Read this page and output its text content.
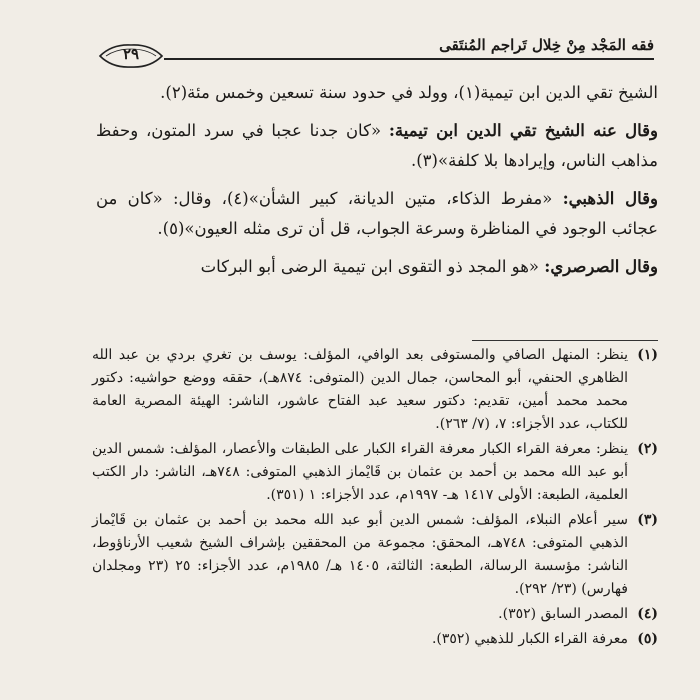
فقه المَجْد مِنْ خِلال تَراجم المُنتَقى
٢٩

الشيخ تقي الدين ابن تيمية(١)، وولد في حدود سنة تسعين وخمس مئة(٢).

وقال عنه الشيخ تقي الدين ابن تيمية: «كان جدنا عجبا في سرد المتون، وحفظ مذاهب الناس، وإيرادها بلا كلفة»(٣).

وقال الذهبي: «مفرط الذكاء، متين الديانة، كبير الشأن»(٤)، وقال: «كان من عجائب الوجود في المناظرة وسرعة الجواب، قل أن ترى مثله العيون»(٥).

وقال الصرصري: «هو المجد ذو التقوى ابن تيمية الرضى أبو البركات

(١)
ينظر: المنهل الصافي والمستوفى بعد الوافي، المؤلف: يوسف بن تغري بردي بن عبد الله الظاهري الحنفي، أبو المحاسن، جمال الدين (المتوفى: ٨٧٤هـ)، حققه ووضع حواشيه: دكتور محمد محمد أمين، تقديم: دكتور سعيد عبد الفتاح عاشور، الناشر: الهيئة المصرية العامة للكتاب، عدد الأجزاء: ٧، (٧/ ٢٦٣).
(٢)
ينظر: معرفة القراء الكبار معرفة القراء الكبار على الطبقات والأعصار، المؤلف: شمس الدين أبو عبد الله محمد بن أحمد بن عثمان بن قَايْماز الذهبي المتوفى: ٧٤٨هـ، الناشر: دار الكتب العلمية، الطبعة: الأولى ١٤١٧ هـ- ١٩٩٧م، عدد الأجزاء: ١ (٣٥١).
(٣)
سير أعلام النبلاء، المؤلف: شمس الدين أبو عبد الله محمد بن أحمد بن عثمان بن قَايْماز الذهبي المتوفى: ٧٤٨هـ، المحقق: مجموعة من المحققين بإشراف الشيخ شعيب الأرناؤوط، الناشر: مؤسسة الرسالة، الطبعة: الثالثة، ١٤٠٥ هـ/ ١٩٨٥م، عدد الأجزاء: ٢٥ (٢٣ ومجلدان فهارس) (٢٣/ ٢٩٢).
(٤)
المصدر السابق (٣٥٢).
(٥)
معرفة القراء الكبار للذهبي (٣٥٢).
